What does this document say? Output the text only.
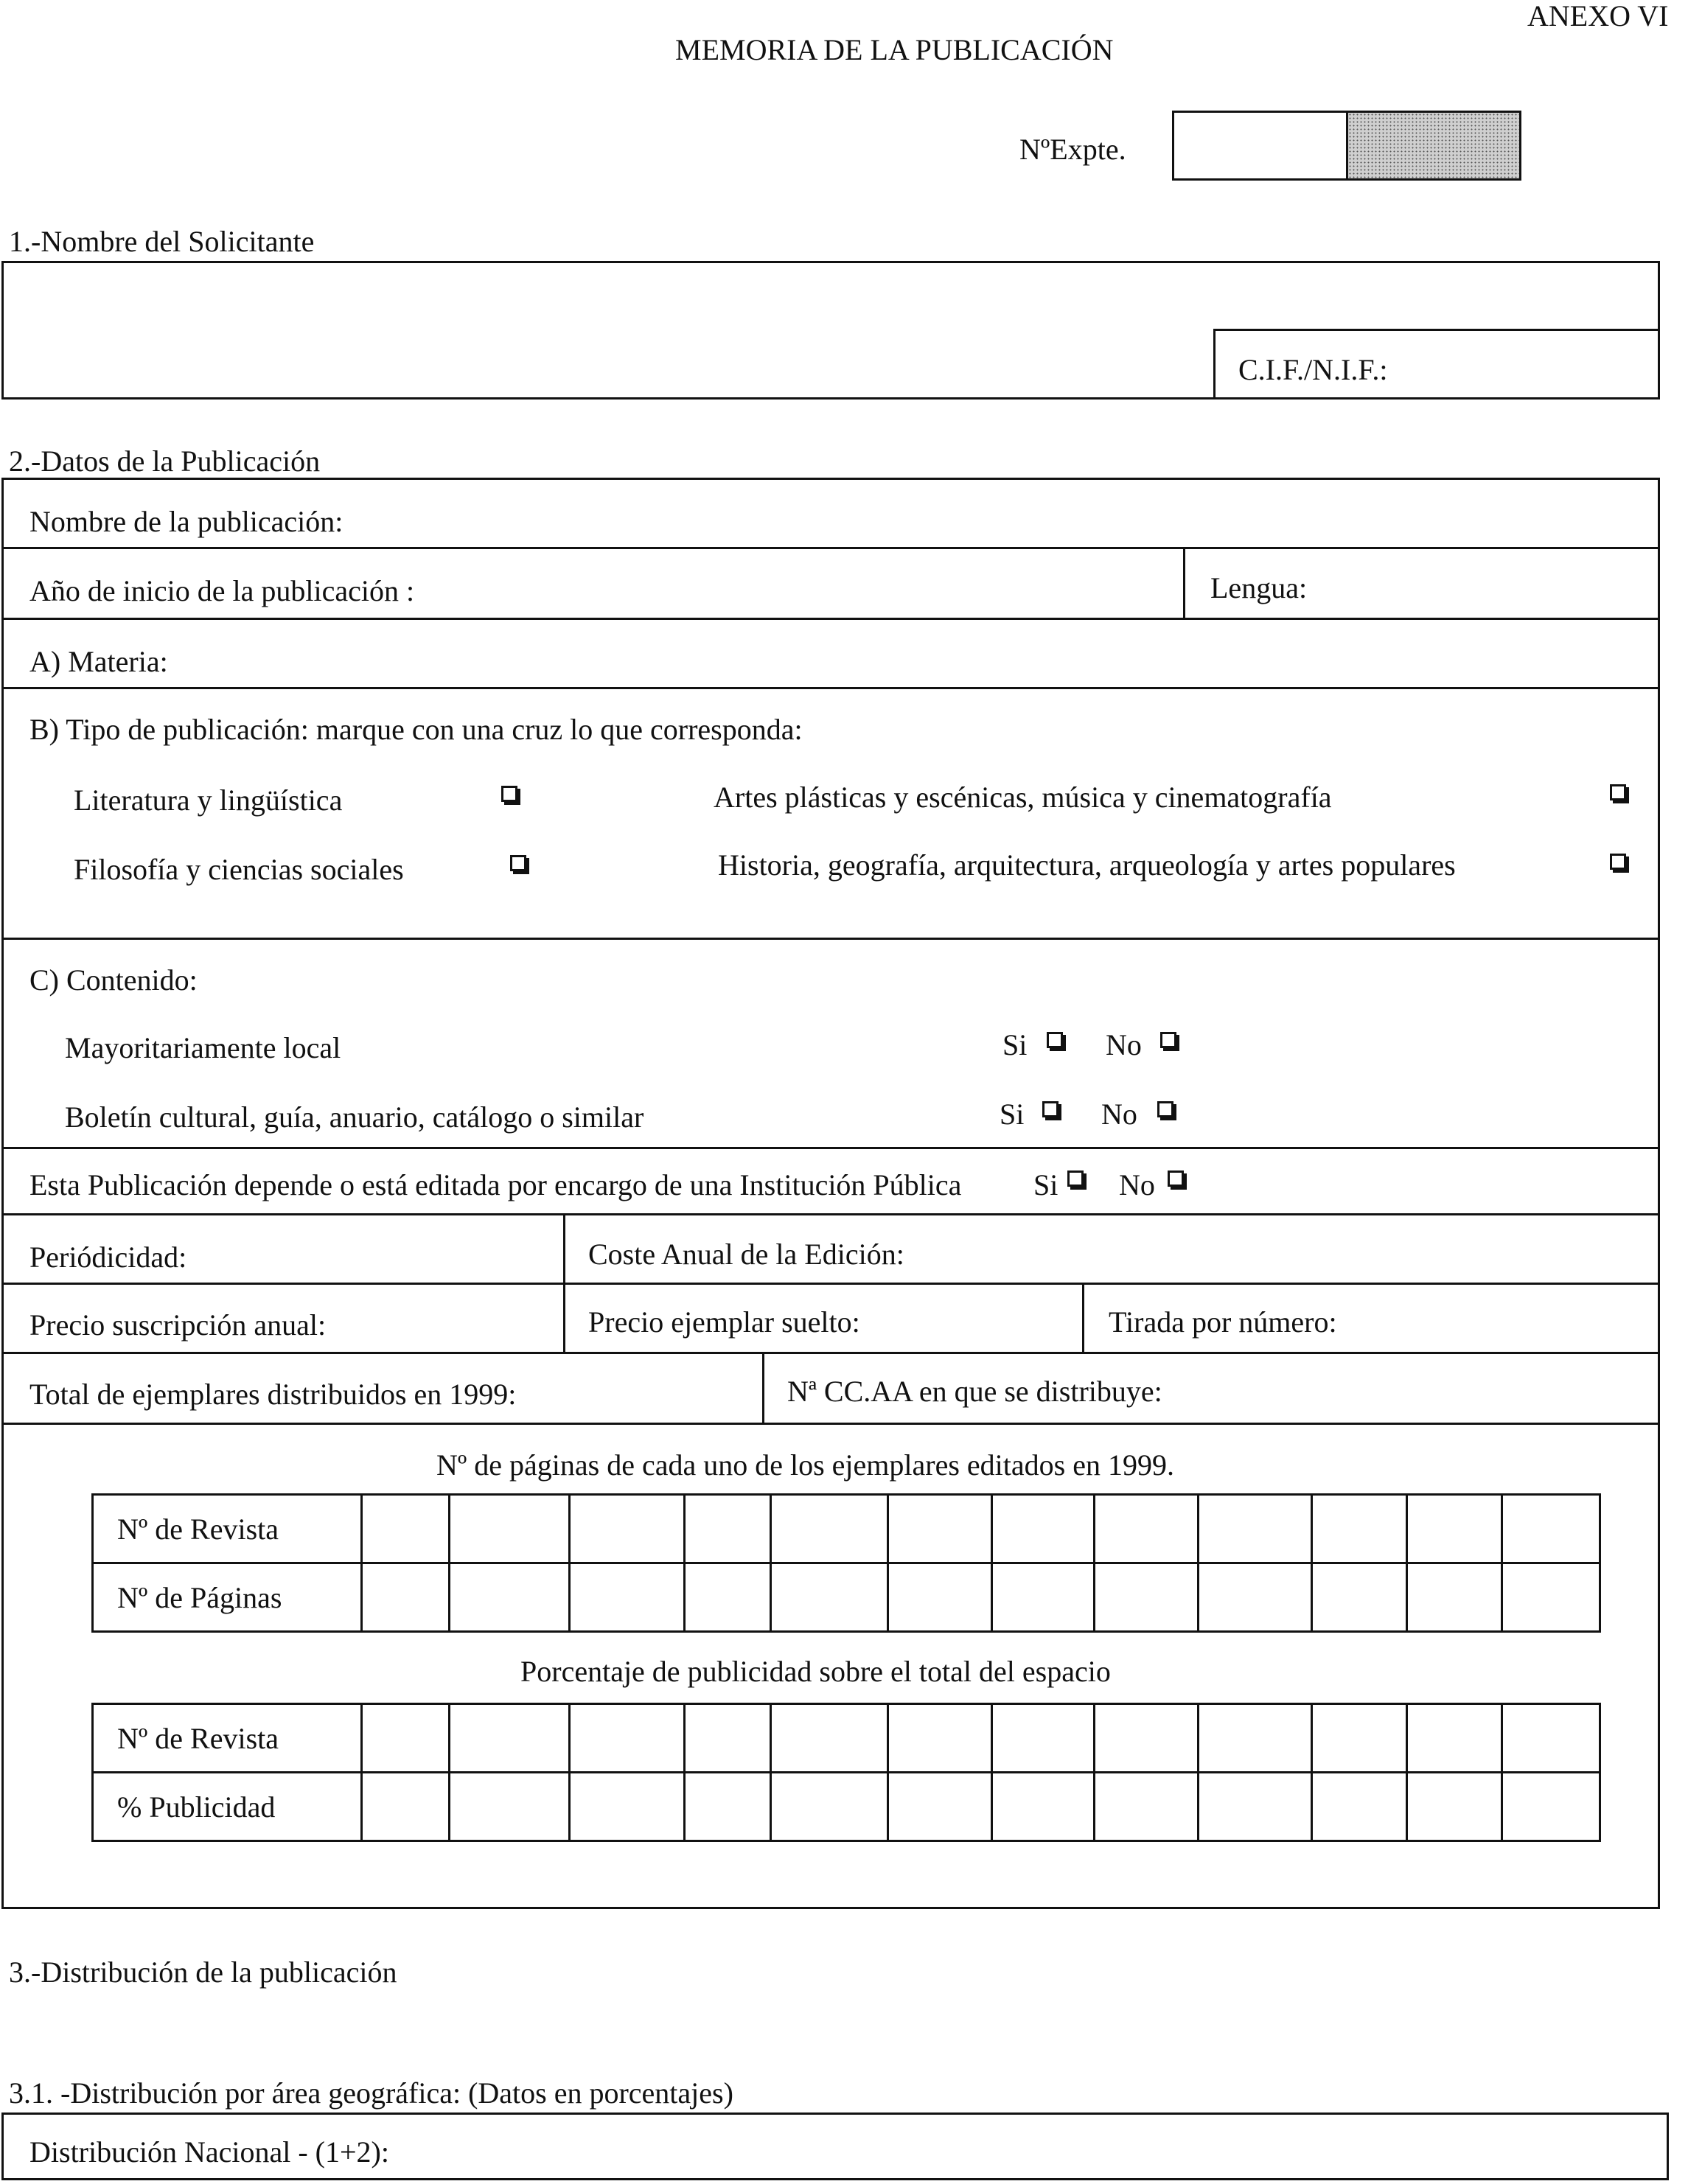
ANEXO VI
MEMORIA DE LA PUBLICACIÓN
NºExpte.
1.-Nombre del Solicitante
C.I.F./N.I.F.:
2.-Datos de la Publicación
Nombre de la publicación:
Año de inicio de la publicación :	Lengua:
A) Materia:
B) Tipo de publicación: marque con una cruz lo que corresponda:
Literatura y lingüística	Artes plásticas y escénicas, música y cinematografía
Filosofía y ciencias sociales	Historia, geografía, arquitectura, arqueología y artes populares
C) Contenido:
Mayoritariamente local	Si	No
Boletín cultural, guía, anuario, catálogo o similar	Si	No
Esta Publicación depende o está editada por encargo de una Institución Pública Si No
Periódicidad:	Coste Anual de la Edición:
Precio suscripción anual:	Precio ejemplar suelto:	Tirada por número:
Total de ejemplares distribuidos en 1999:	Nª CC.AA en que se distribuye:
Nº de páginas de cada uno de los ejemplares editados en 1999.
Nº de Revista												
Nº de Páginas												
Porcentaje de publicidad sobre el total del espacio
Nº de Revista												
% Publicidad												
3.-Distribución de la publicación
3.1. -Distribución por área geográfica: (Datos en porcentajes)
Distribución Nacional - (1+2):
